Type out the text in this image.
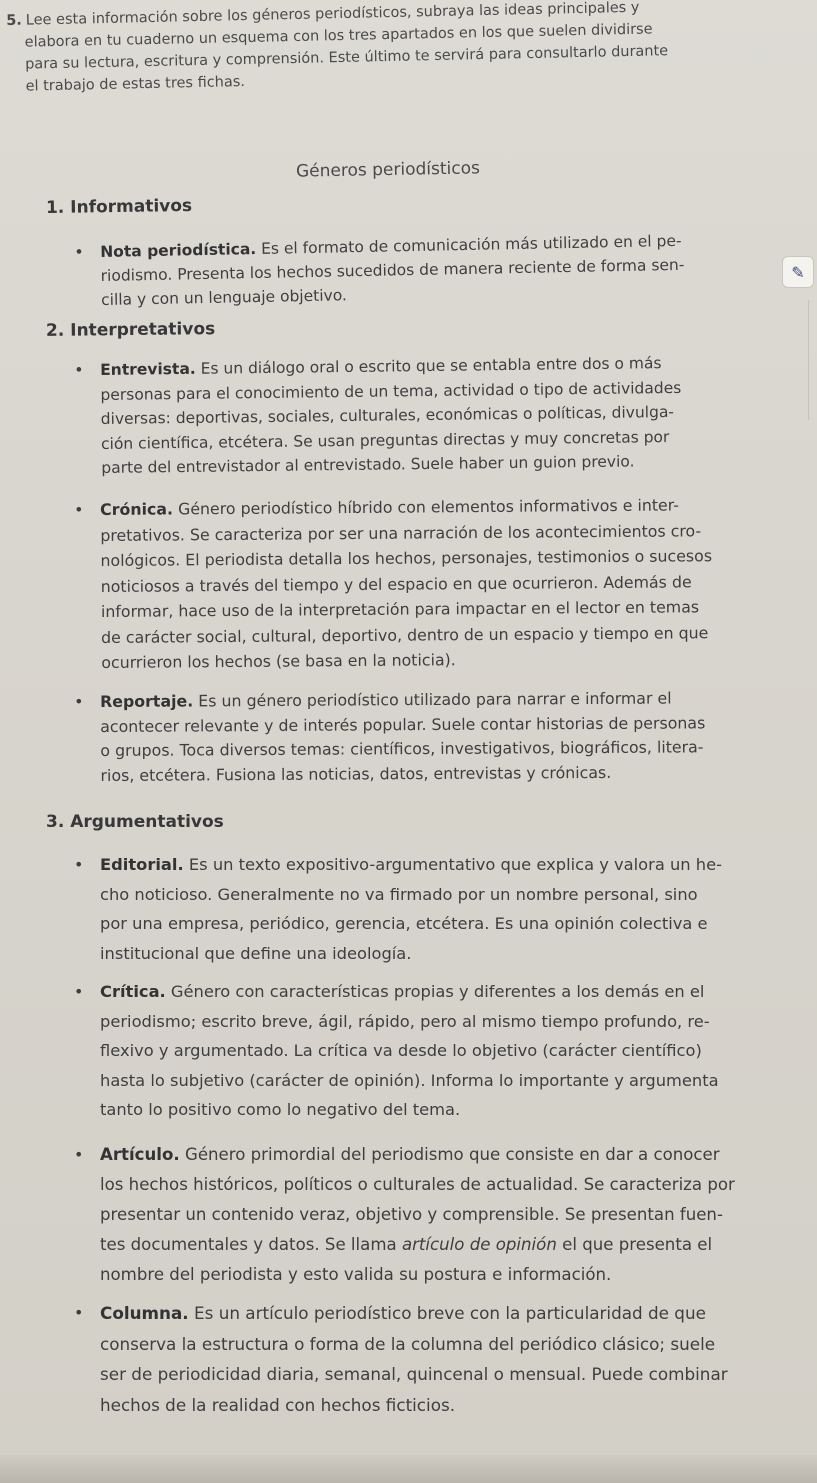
5. Lee esta información sobre los géneros periodísticos, subraya las ideas principales y
elabora en tu cuaderno un esquema con los tres apartados en los que suelen dividirse
para su lectura, escritura y comprensión. Este último te servirá para consultarlo durante
el trabajo de estas tres fichas.
Géneros periodísticos
1. Informativos
• Nota periodística. Es el formato de comunicación más utilizado en el pe-
riodismo. Presenta los hechos sucedidos de manera reciente de forma sen-
cilla y con un lenguaje objetivo.
2. Interpretativos
• Entrevista. Es un diálogo oral o escrito que se entabla entre dos o más
personas para el conocimiento de un tema, actividad o tipo de actividades
diversas: deportivas, sociales, culturales, económicas o políticas, divulga-
ción científica, etcétera. Se usan preguntas directas y muy concretas por
parte del entrevistador al entrevistado. Suele haber un guion previo.
• Crónica. Género periodístico híbrido con elementos informativos e inter-
pretativos. Se caracteriza por ser una narración de los acontecimientos cro-
nológicos. El periodista detalla los hechos, personajes, testimonios o sucesos
noticiosos a través del tiempo y del espacio en que ocurrieron. Además de
informar, hace uso de la interpretación para impactar en el lector en temas
de carácter social, cultural, deportivo, dentro de un espacio y tiempo en que
ocurrieron los hechos (se basa en la noticia).
• Reportaje. Es un género periodístico utilizado para narrar e informar el
acontecer relevante y de interés popular. Suele contar historias de personas
o grupos. Toca diversos temas: científicos, investigativos, biográficos, litera-
rios, etcétera. Fusiona las noticias, datos, entrevistas y crónicas.
3. Argumentativos
• Editorial. Es un texto expositivo-argumentativo que explica y valora un he-
cho noticioso. Generalmente no va firmado por un nombre personal, sino
por una empresa, periódico, gerencia, etcétera. Es una opinión colectiva e
institucional que define una ideología.
• Crítica. Género con características propias y diferentes a los demás en el
periodismo; escrito breve, ágil, rápido, pero al mismo tiempo profundo, re-
flexivo y argumentado. La crítica va desde lo objetivo (carácter científico)
hasta lo subjetivo (carácter de opinión). Informa lo importante y argumenta
tanto lo positivo como lo negativo del tema.
• Artículo. Género primordial del periodismo que consiste en dar a conocer
los hechos históricos, políticos o culturales de actualidad. Se caracteriza por
presentar un contenido veraz, objetivo y comprensible. Se presentan fuen-
tes documentales y datos. Se llama artículo de opinión el que presenta el
nombre del periodista y esto valida su postura e información.
• Columna. Es un artículo periodístico breve con la particularidad de que
conserva la estructura o forma de la columna del periódico clásico; suele
ser de periodicidad diaria, semanal, quincenal o mensual. Puede combinar
hechos de la realidad con hechos ficticios.
✎
